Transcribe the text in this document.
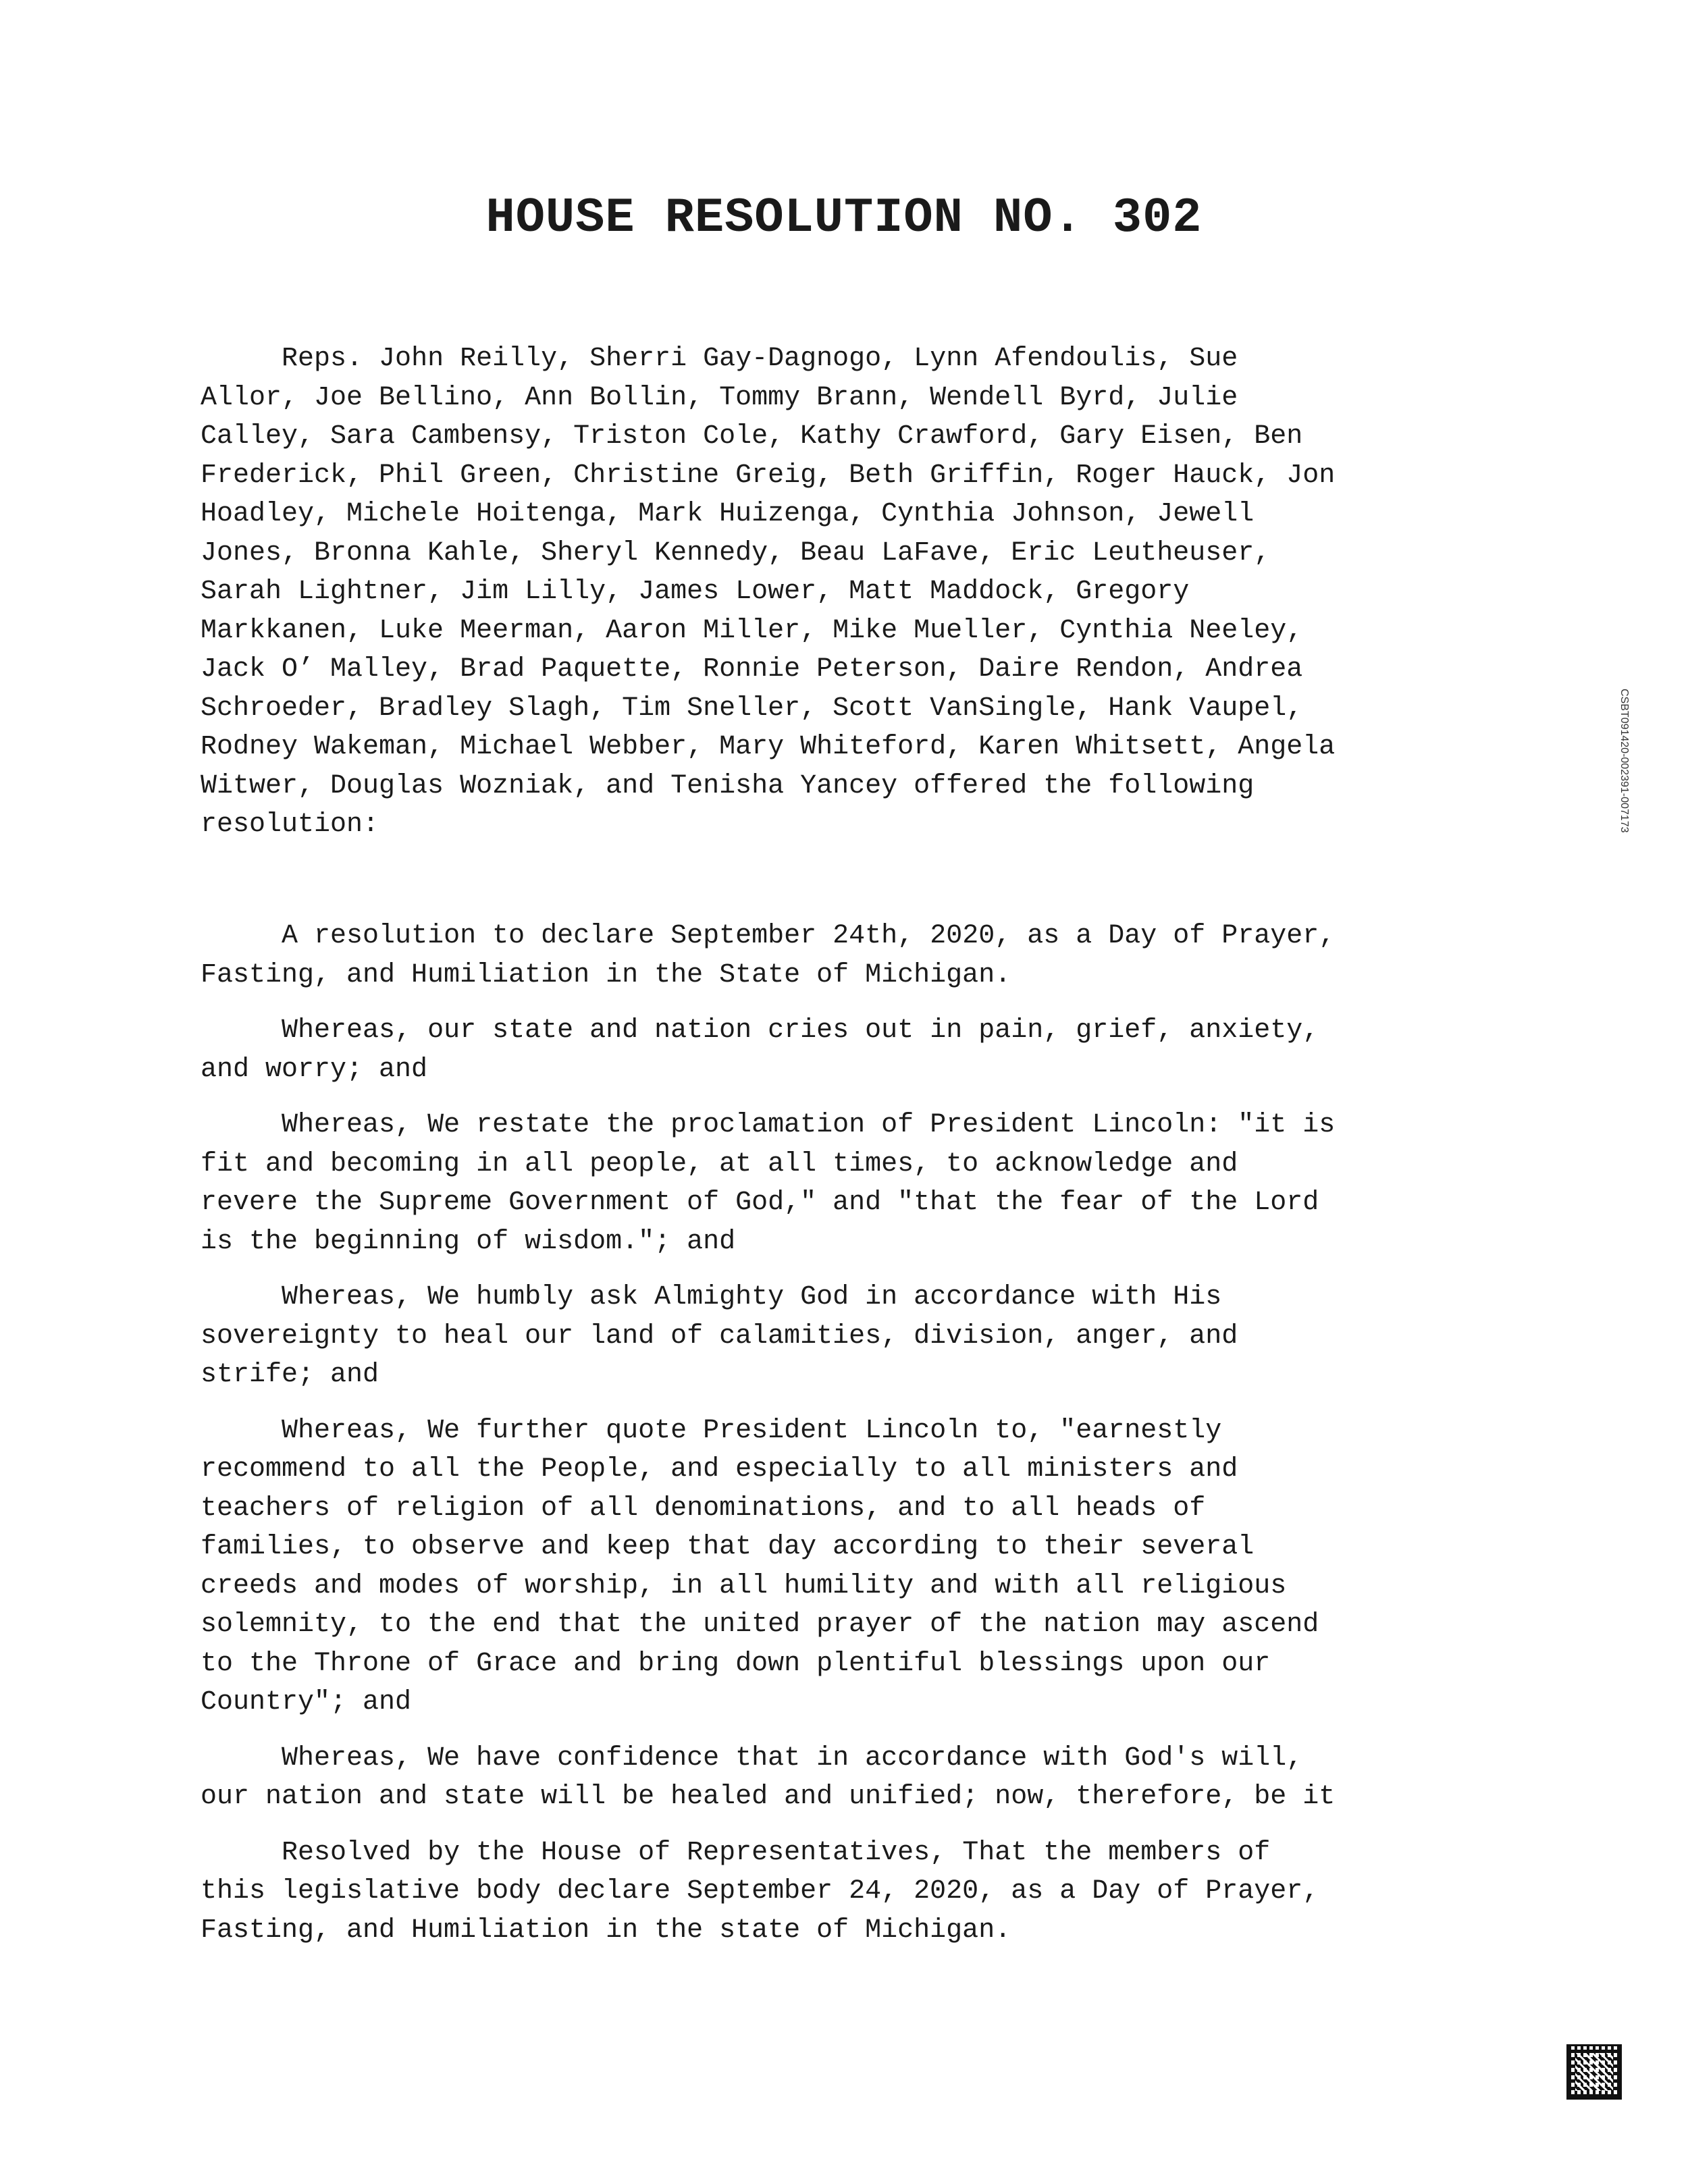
HOUSE RESOLUTION NO. 302

Reps. John Reilly, Sherri Gay-Dagnogo, Lynn Afendoulis, Sue
Allor, Joe Bellino, Ann Bollin, Tommy Brann, Wendell Byrd, Julie
Calley, Sara Cambensy, Triston Cole, Kathy Crawford, Gary Eisen, Ben
Frederick, Phil Green, Christine Greig, Beth Griffin, Roger Hauck, Jon
Hoadley, Michele Hoitenga, Mark Huizenga, Cynthia Johnson, Jewell
Jones, Bronna Kahle, Sheryl Kennedy, Beau LaFave, Eric Leutheuser,
Sarah Lightner, Jim Lilly, James Lower, Matt Maddock, Gregory
Markkanen, Luke Meerman, Aaron Miller, Mike Mueller, Cynthia Neeley,
Jack O’ Malley, Brad Paquette, Ronnie Peterson, Daire Rendon, Andrea
Schroeder, Bradley Slagh, Tim Sneller, Scott VanSingle, Hank Vaupel,
Rodney Wakeman, Michael Webber, Mary Whiteford, Karen Whitsett, Angela
Witwer, Douglas Wozniak, and Tenisha Yancey offered the following
resolution:

A resolution to declare September 24th, 2020, as a Day of Prayer,
Fasting, and Humiliation in the State of Michigan.

Whereas, our state and nation cries out in pain, grief, anxiety,
and worry; and

Whereas, We restate the proclamation of President Lincoln: "it is
fit and becoming in all people, at all times, to acknowledge and
revere the Supreme Government of God," and "that the fear of the Lord
is the beginning of wisdom."; and

Whereas, We humbly ask Almighty God in accordance with His
sovereignty to heal our land of calamities, division, anger, and
strife; and

Whereas, We further quote President Lincoln to, "earnestly
recommend to all the People, and especially to all ministers and
teachers of religion of all denominations, and to all heads of
families, to observe and keep that day according to their several
creeds and modes of worship, in all humility and with all religious
solemnity, to the end that the united prayer of the nation may ascend
to the Throne of Grace and bring down plentiful blessings upon our
Country"; and

Whereas, We have confidence that in accordance with God's will,
our nation and state will be healed and unified; now, therefore, be it

Resolved by the House of Representatives, That the members of
this legislative body declare September 24, 2020, as a Day of Prayer,
Fasting, and Humiliation in the state of Michigan.

CSBT091420-002391-007173
